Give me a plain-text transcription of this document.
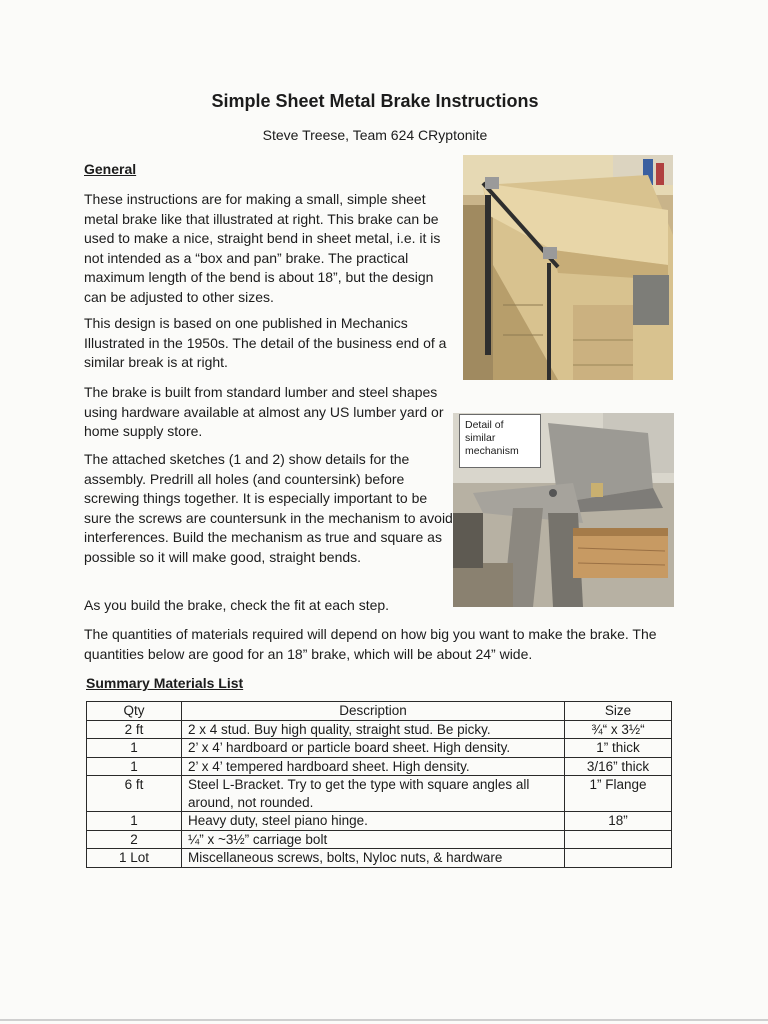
Simple Sheet Metal Brake Instructions
Steve Treese, Team 624 CRyptonite
General

These instructions are for making a small, simple sheet metal brake like that illustrated at right. This brake can be used to make a nice, straight bend in sheet metal, i.e. it is not intended as a “box and pan” brake. The practical maximum length of the bend is about 18”, but the design can be adjusted to other sizes.

This design is based on one published in Mechanics Illustrated in the 1950s. The detail of the business end of a similar break is at right.

The brake is built from standard lumber and steel shapes using hardware available at almost any US lumber yard or home supply store.

The attached sketches (1 and 2) show details for the assembly. Predrill all holes (and countersink) before screwing things together. It is especially important to be sure the screws are countersunk in the mechanism to avoid interferences. Build the mechanism as true and square as possible so it will make good, straight bends.

As you build the brake, check the fit at each step.

The quantities of materials required will depend on how big you want to make the brake. The quantities below are good for an 18” brake, which will be about 24” wide.

Detail of similar mechanism
Summary Materials List
Qty	Description	Size
2 ft	2 x 4 stud. Buy high quality, straight stud. Be picky.	¾“ x 3½“
1	2’ x 4’ hardboard or particle board sheet. High density.	1” thick
1	2’ x 4’ tempered hardboard sheet. High density.	3/16” thick
6 ft	Steel L-Bracket. Try to get the type with square angles all around, not rounded.	1” Flange
1	Heavy duty, steel piano hinge.	18”
2	¼” x ~3½” carriage bolt	
1 Lot	Miscellaneous screws, bolts, Nyloc nuts, & hardware	
